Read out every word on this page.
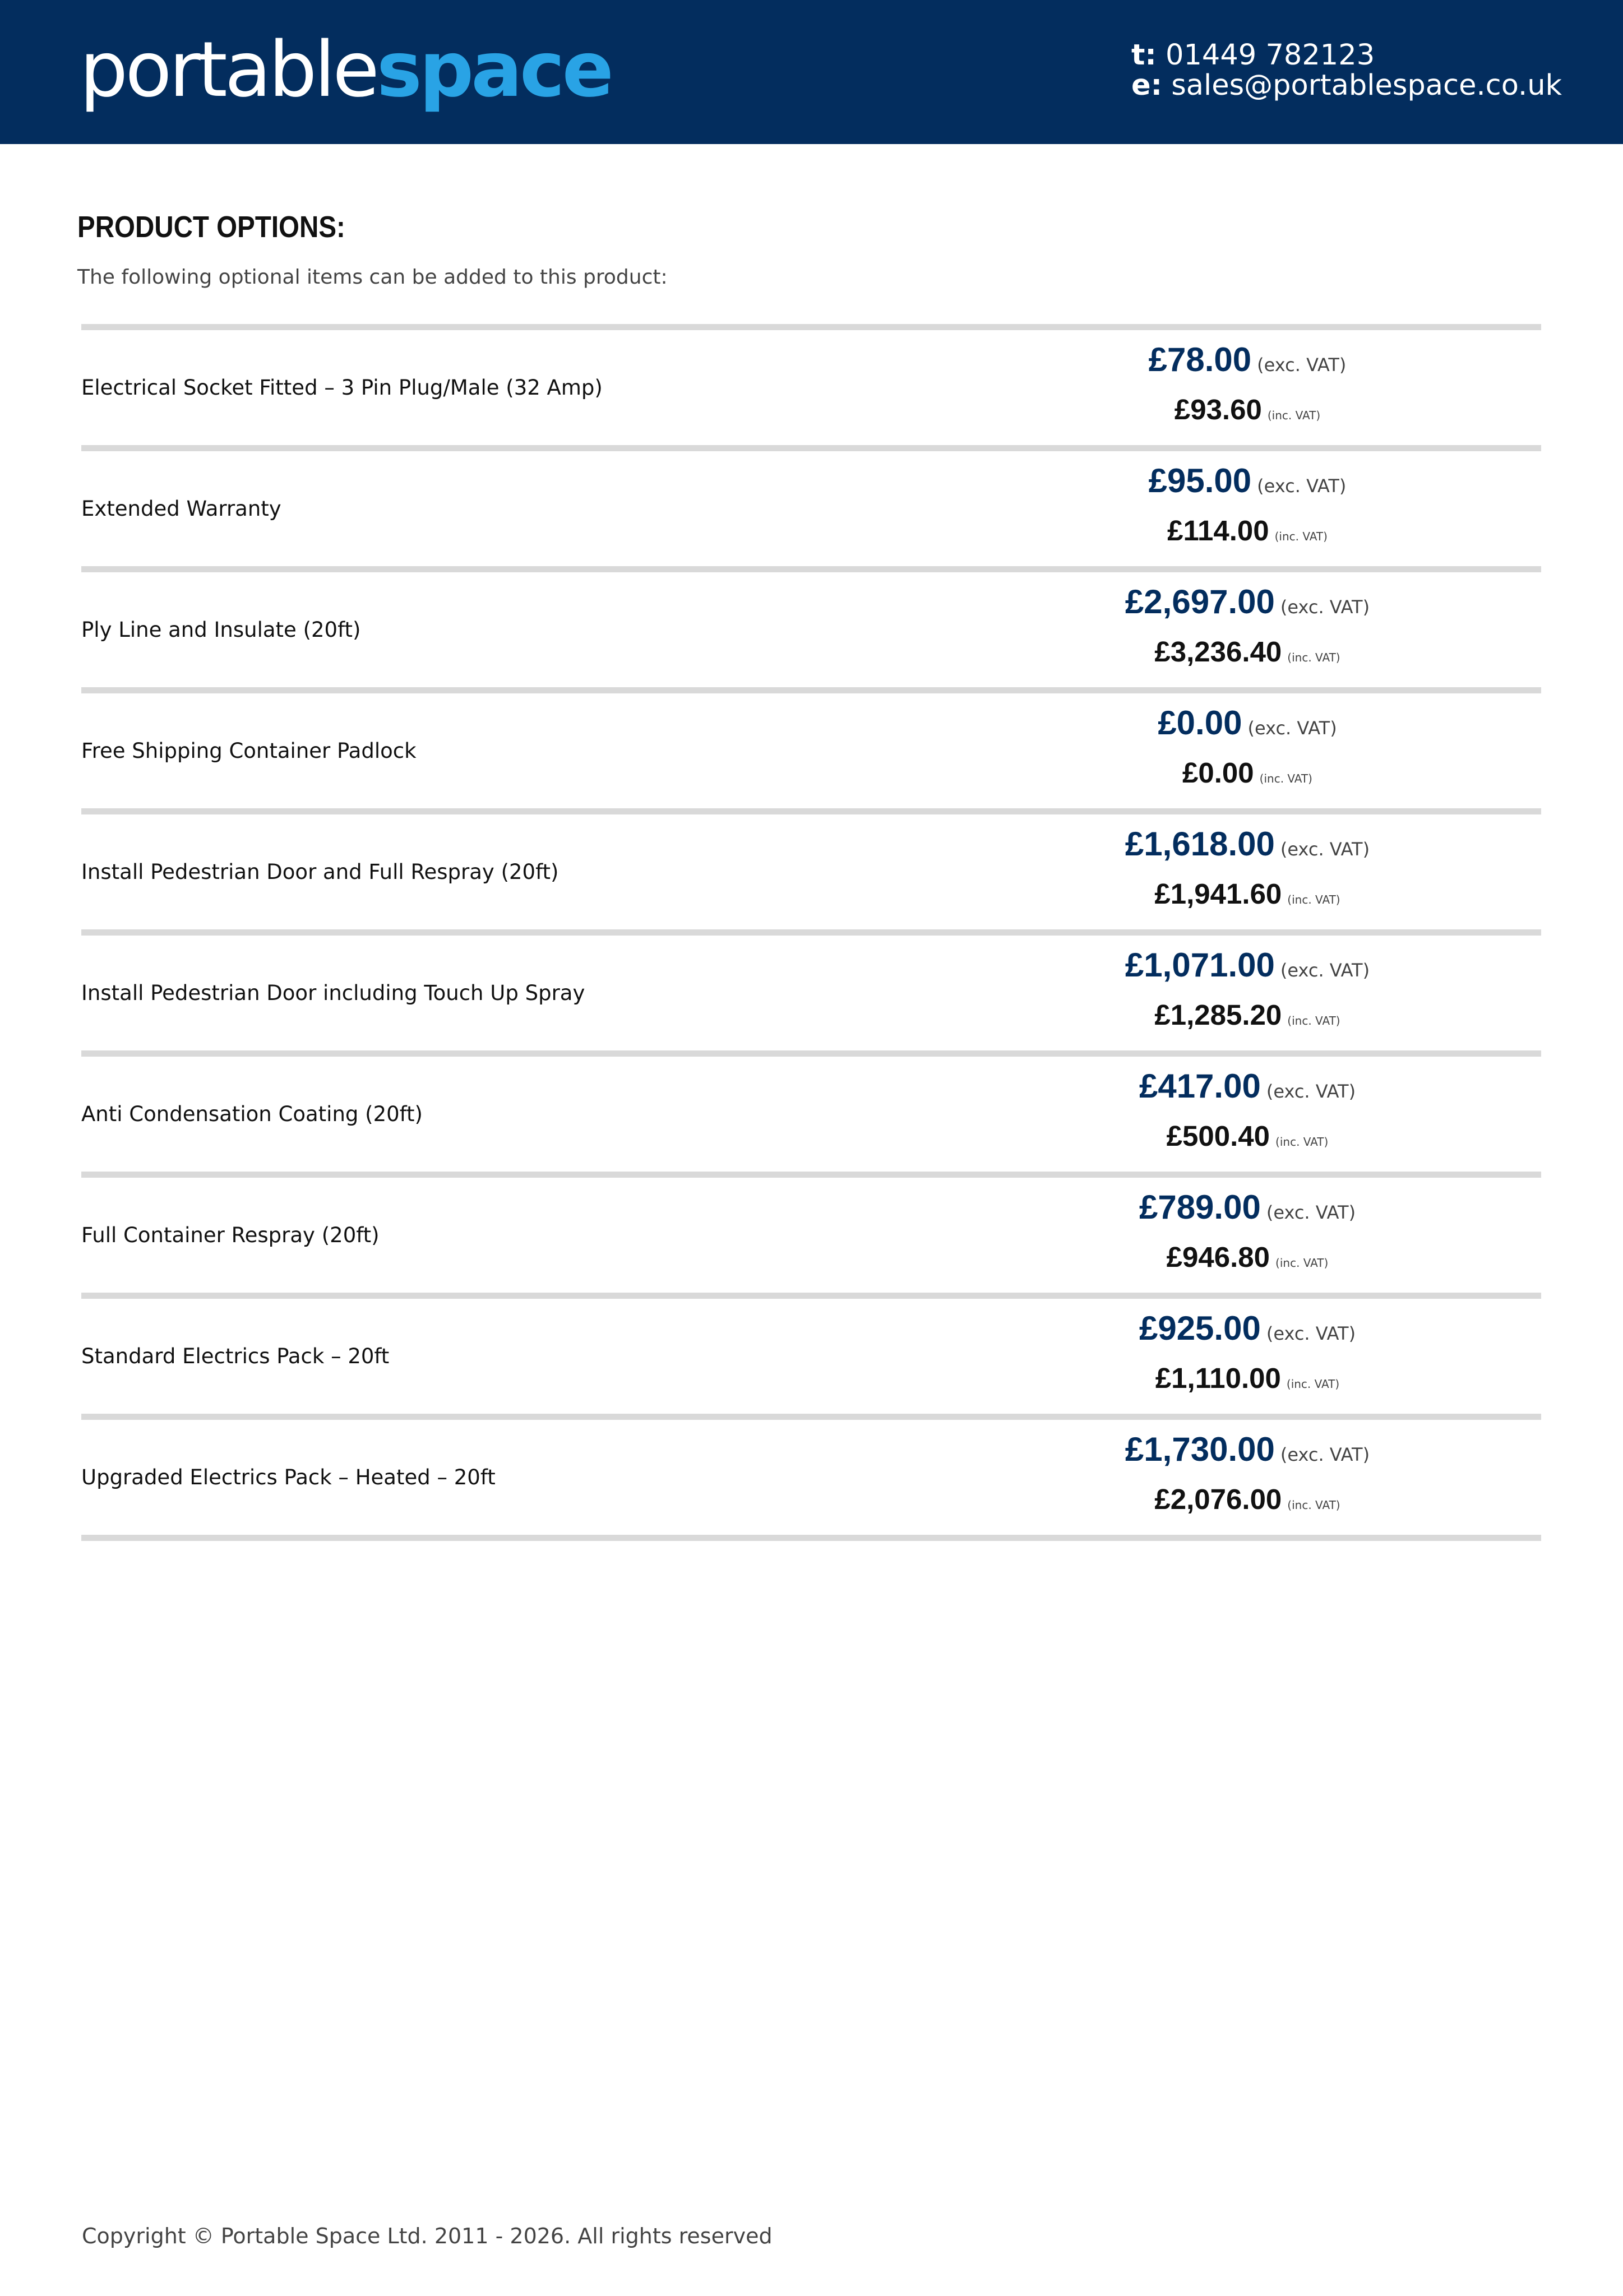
portablespace	t: 01449 782123
e: sales@portablespace.co.uk
PRODUCT OPTIONS:
The following optional items can be added to this product:
Electrical Socket Fitted – 3 Pin Plug/Male (32 Amp)
£78.00 (exc. VAT)
£93.60 (inc. VAT)
Extended Warranty
£95.00 (exc. VAT)
£114.00 (inc. VAT)
Ply Line and Insulate (20ft)
£2,697.00 (exc. VAT)
£3,236.40 (inc. VAT)
Free Shipping Container Padlock
£0.00 (exc. VAT)
£0.00 (inc. VAT)
Install Pedestrian Door and Full Respray (20ft)
£1,618.00 (exc. VAT)
£1,941.60 (inc. VAT)
Install Pedestrian Door including Touch Up Spray
£1,071.00 (exc. VAT)
£1,285.20 (inc. VAT)
Anti Condensation Coating (20ft)
£417.00 (exc. VAT)
£500.40 (inc. VAT)
Full Container Respray (20ft)
£789.00 (exc. VAT)
£946.80 (inc. VAT)
Standard Electrics Pack – 20ft
£925.00 (exc. VAT)
£1,110.00 (inc. VAT)
Upgraded Electrics Pack – Heated – 20ft
£1,730.00 (exc. VAT)
£2,076.00 (inc. VAT)
Copyright © Portable Space Ltd. 2011 - 2026. All rights reserved
